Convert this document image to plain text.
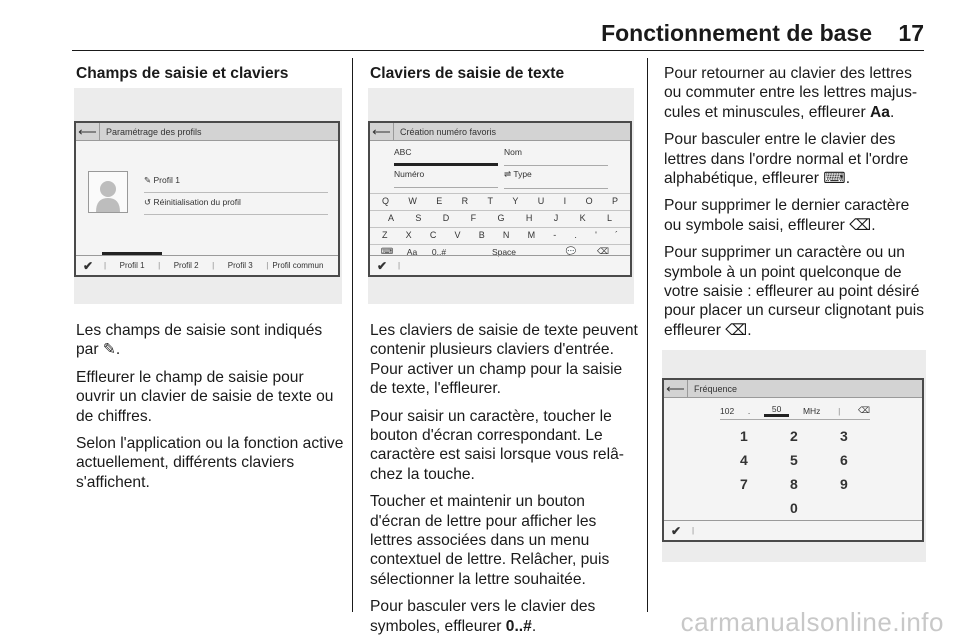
Fonctionnement de base 17
Champs de saisie et claviers
⟵	Paramétrage des profils
✎ Profil 1
↺ Réinitialisation du profil
✔	|	Profil 1	|	Profil 2	|	Profil 3	| Profil commun

Les champs de saisie sont indiqués par ✎.

Effleurer le champ de saisie pour ouvrir un clavier de saisie de texte ou de chiffres.

Selon l'application ou la fonction active actuellement, différents claviers s'affichent.

Claviers de saisie de texte
⟵	Création numéro favoris
ABC	Nom
Numéro	⇌ Type
Q W E R T Y U I O P
A S D F G H J K L
Z X C V B N M - . ' ´
⌨	Aa	0..#	Space	💬	⌫
✔	|

Les claviers de saisie de texte peuvent contenir plusieurs claviers d'entrée. Pour activer un champ pour la saisie de texte, l'effleurer.

Pour saisir un caractère, toucher le bouton d'écran correspondant. Le caractère est saisi lorsque vous relâchez la touche.

Toucher et maintenir un bouton d'écran de lettre pour afficher les lettres associées dans un menu contextuel de lettre. Relâcher, puis sélectionner la lettre souhaitée.

Pour basculer vers le clavier des symboles, effleurer 0..#.

Pour retourner au clavier des lettres ou commuter entre les lettres majuscules et minuscules, effleurer Aa.

Pour basculer entre le clavier des lettres dans l'ordre normal et l'ordre alphabétique, effleurer ⌨.

Pour supprimer le dernier caractère ou symbole saisi, effleurer ⌫.

Pour supprimer un caractère ou un symbole à un point quelconque de votre saisie : effleurer au point désiré pour placer un curseur clignotant puis effleurer ⌫.

⟵	Fréquence
102 .	50	MHz | ⌫
1	2	3
4	5	6
7	8	9
0
✔	|
carmanualsonline.info
